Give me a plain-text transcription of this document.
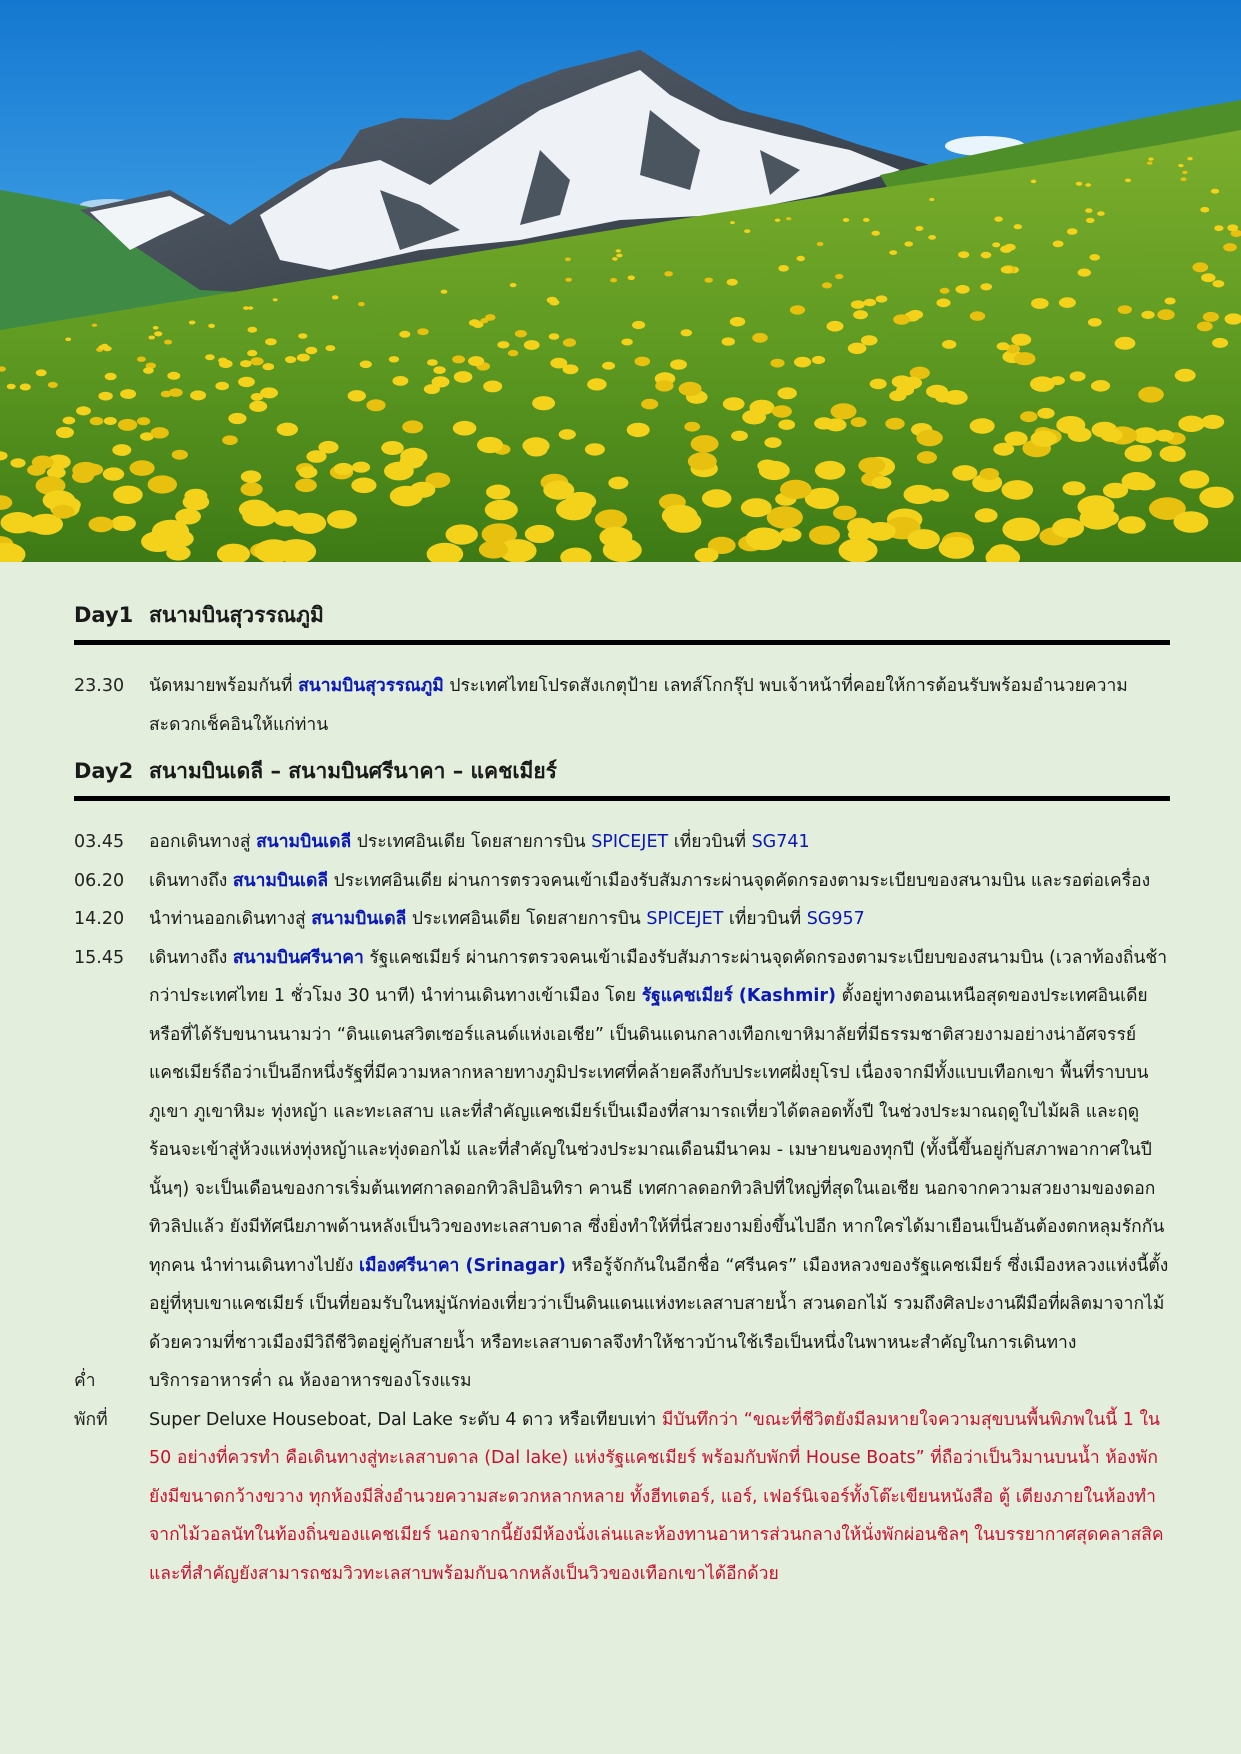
Day1 สนามบินสุวรรณภูมิ
23.30	นัดหมายพร้อมกันที่ สนามบินสุวรรณภูมิ ประเทศไทยโปรดสังเกตุป้าย เลทส์โกกรุ๊ป พบเจ้าหน้าที่คอยให้การต้อนรับพร้อมอำนวยความสะดวกเช็คอินให้แก่ท่าน
Day2 สนามบินเดลี – สนามบินศรีนาคา – แคชเมียร์
03.45	ออกเดินทางสู่ สนามบินเดลี ประเทศอินเดีย โดยสายการบิน SPICEJET เที่ยวบินที่ SG741
06.20	เดินทางถึง สนามบินเดลี ประเทศอินเดีย ผ่านการตรวจคนเข้าเมืองรับสัมภาระผ่านจุดคัดกรองตามระเบียบของสนามบิน และรอต่อเครื่อง
14.20	นำท่านออกเดินทางสู่ สนามบินเดลี ประเทศอินเดีย โดยสายการบิน SPICEJET เที่ยวบินที่ SG957
15.45	เดินทางถึง สนามบินศรีนาคา รัฐแคชเมียร์ ผ่านการตรวจคนเข้าเมืองรับสัมภาระผ่านจุดคัดกรองตามระเบียบของสนามบิน (เวลาท้องถิ่นช้ากว่าประเทศไทย 1 ชั่วโมง 30 นาที) นำท่านเดินทางเข้าเมือง โดย รัฐแคชเมียร์ (Kashmir) ตั้งอยู่ทางตอนเหนือสุดของประเทศอินเดีย หรือที่ได้รับขนานนามว่า “ดินแดนสวิตเซอร์แลนด์แห่งเอเชีย” เป็นดินแดนกลางเทือกเขาหิมาลัยที่มีธรรมชาติสวยงามอย่างน่าอัศจรรย์ แคชเมียร์ถือว่าเป็นอีกหนึ่งรัฐที่มีความหลากหลายทางภูมิประเทศที่คล้ายคลึงกับประเทศฝั่งยุโรป เนื่องจากมีทั้งแบบเทือกเขา พื้นที่ราบบนภูเขา ภูเขาหิมะ ทุ่งหญ้า และทะเลสาบ และที่สำคัญแคชเมียร์เป็นเมืองที่สามารถเที่ยวได้ตลอดทั้งปี ในช่วงประมาณฤดูใบไม้ผลิ และฤดูร้อนจะเข้าสู่ห้วงแห่งทุ่งหญ้าและทุ่งดอกไม้ และที่สำคัญในช่วงประมาณเดือนมีนาคม - เมษายนของทุกปี (ทั้งนี้ขึ้นอยู่กับสภาพอากาศในปีนั้นๆ) จะเป็นเดือนของการเริ่มต้นเทศกาลดอกทิวลิปอินทิรา คานธี เทศกาลดอกทิวลิปที่ใหญ่ที่สุดในเอเชีย นอกจากความสวยงามของดอกทิวลิปแล้ว ยังมีทัศนียภาพด้านหลังเป็นวิวของทะเลสาบดาล ซึ่งยิ่งทำให้ที่นี่สวยงามยิ่งขึ้นไปอีก หากใครได้มาเยือนเป็นอันต้องตกหลุมรักกันทุกคน นำท่านเดินทางไปยัง เมืองศรีนาคา (Srinagar) หรือรู้จักกันในอีกชื่อ “ศรีนคร” เมืองหลวงของรัฐแคชเมียร์ ซึ่งเมืองหลวงแห่งนี้ตั้งอยู่ที่หุบเขาแคชเมียร์ เป็นที่ยอมรับในหมู่นักท่องเที่ยวว่าเป็นดินแดนแห่งทะเลสาบสายน้ำ สวนดอกไม้ รวมถึงศิลปะงานฝีมือที่ผลิตมาจากไม้ ด้วยความที่ชาวเมืองมีวิถีชีวิตอยู่คู่กับสายน้ำ หรือทะเลสาบดาลจึงทำให้ชาวบ้านใช้เรือเป็นหนึ่งในพาหนะสำคัญในการเดินทาง
ค่ำ	บริการอาหารค่ำ ณ ห้องอาหารของโรงแรม
พักที่	Super Deluxe Houseboat, Dal Lake ระดับ 4 ดาว หรือเทียบเท่า มีบันทึกว่า “ขณะที่ชีวิตยังมีลมหายใจความสุขบนพื้นพิภพในนี้ 1 ใน 50 อย่างที่ควรทำ คือเดินทางสู่ทะเลสาบดาล (Dal lake) แห่งรัฐแคชเมียร์ พร้อมกับพักที่ House Boats” ที่ถือว่าเป็นวิมานบนน้ำ ห้องพักยังมีขนาดกว้างขวาง ทุกห้องมีสิ่งอำนวยความสะดวกหลากหลาย ทั้งฮีทเตอร์, แอร์, เฟอร์นิเจอร์ทั้งโต๊ะเขียนหนังสือ ตู้ เตียงภายในห้องทำจากไม้วอลนัทในท้องถิ่นของแคชเมียร์ นอกจากนี้ยังมีห้องนั่งเล่นและห้องทานอาหารส่วนกลางให้นั่งพักผ่อนชิลๆ ในบรรยากาศสุดคลาสสิค และที่สำคัญยังสามารถชมวิวทะเลสาบพร้อมกับฉากหลังเป็นวิวของเทือกเขาได้อีกด้วย
